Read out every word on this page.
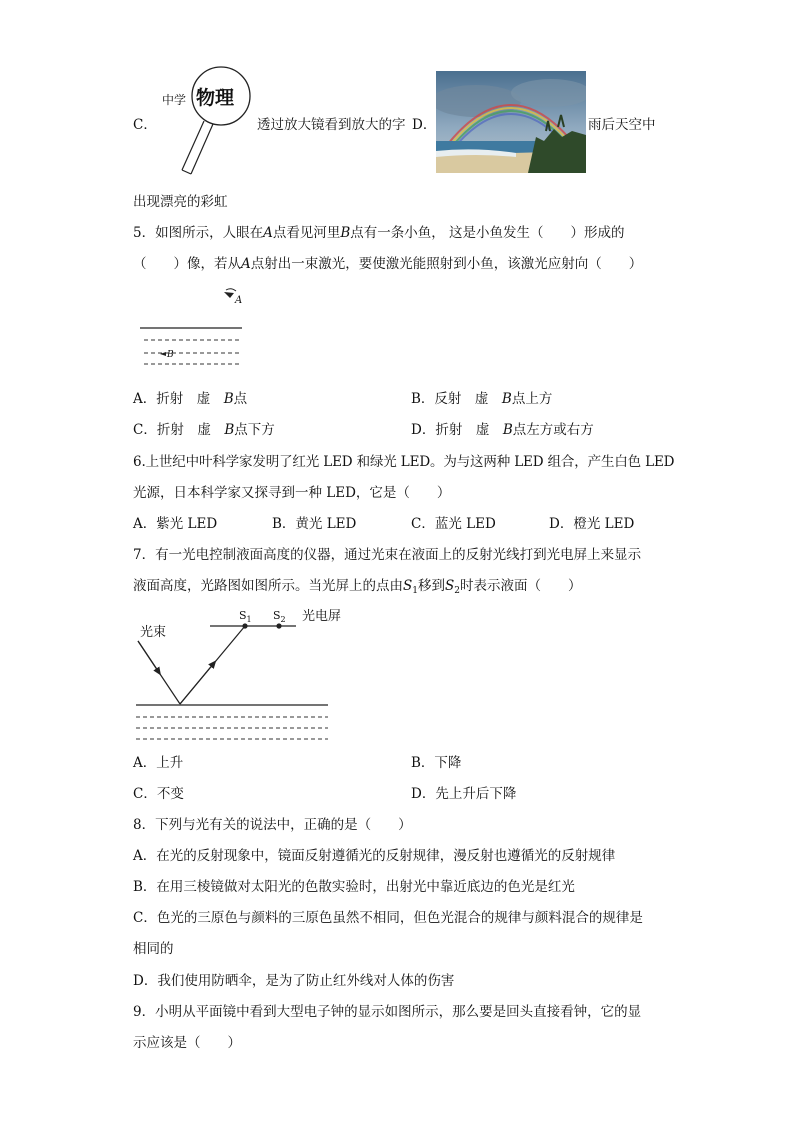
C．
中学 物理
透过放大镜看到放大的字 D．	雨后天空中
出现漂亮的彩虹
5．如图所示，人眼在A点看见河里B点有一条小鱼， 这是小鱼发生（　　）形成的
（　　）像，若从A点射出一束激光，要使激光能照射到小鱼，该激光应射向（　　）
A
B
A．折射　虚　B点	B．反射　虚　B点上方
C．折射　虚　B点下方	D．折射　虚　B点左方或右方
6.上世纪中叶科学家发明了红光 LED 和绿光 LED。为与这两种 LED 组合，产生白色 LED
光源，日本科学家又探寻到一种 LED，它是（　　）
A．紫光 LED	B．黄光 LED	C．蓝光 LED	D．橙光 LED
7．有一光电控制液面高度的仪器，通过光束在液面上的反射光线打到光电屏上来显示
液面高度，光路图如图所示。当光屏上的点由$S_1$移到$S_2$时表示液面（　　）
光束
$S_1$ $S_2$ 光电屏
A．上升	B．下降
C．不变	D．先上升后下降
8．下列与光有关的说法中，正确的是（　　）
A．在光的反射现象中，镜面反射遵循光的反射规律，漫反射也遵循光的反射规律
B．在用三棱镜做对太阳光的色散实验时，出射光中靠近底边的色光是红光
C．色光的三原色与颜料的三原色虽然不相同，但色光混合的规律与颜料混合的规律是
相同的
D．我们使用防晒伞，是为了防止红外线对人体的伤害
9．小明从平面镜中看到大型电子钟的显示如图所示，那么要是回头直接看钟，它的显
示应该是（　　）
